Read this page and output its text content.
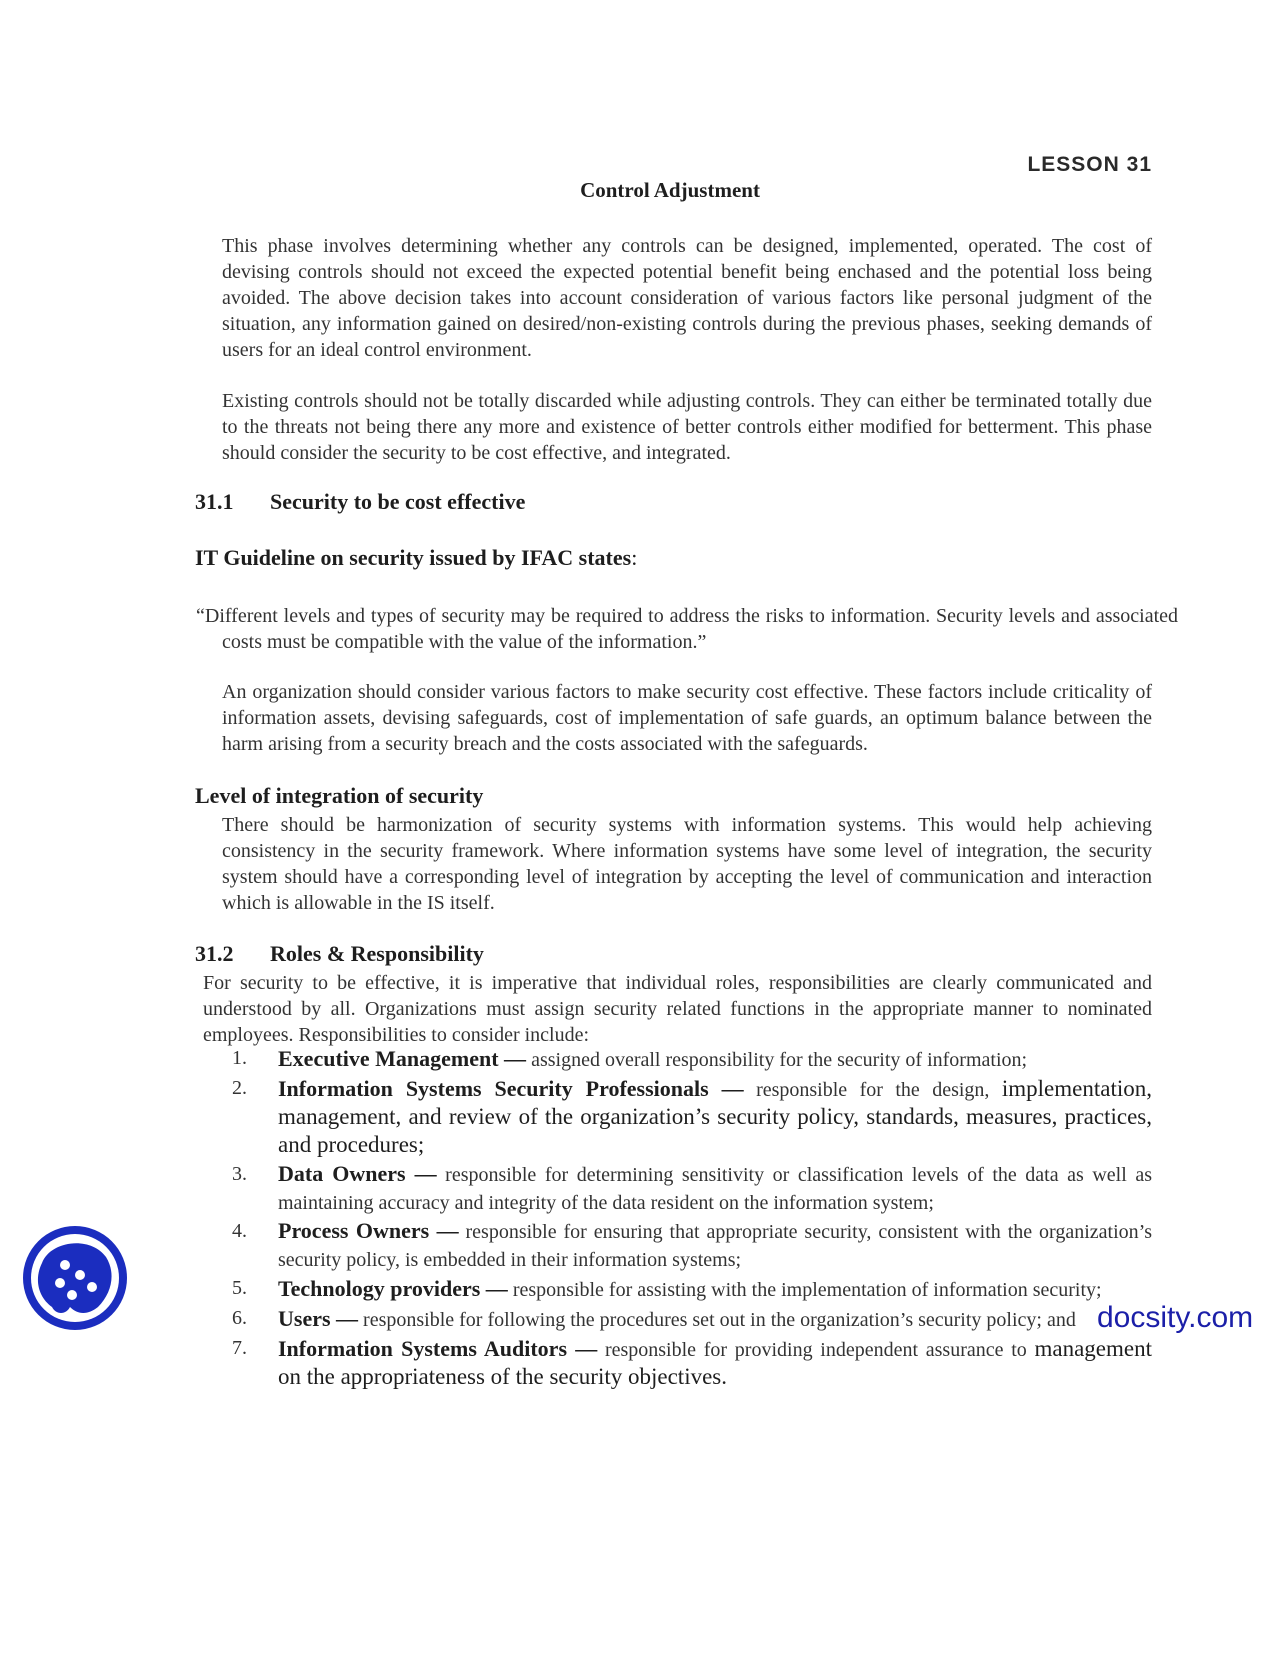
LESSON 31
Control Adjustment

This phase involves determining whether any controls can be designed, implemented, operated. The cost of devising controls should not exceed the expected potential benefit being enchased and the potential loss being avoided. The above decision takes into account consideration of various factors like personal judgment of the situation, any information gained on desired/non-existing controls during the previous phases, seeking demands of users for an ideal control environment.

Existing controls should not be totally discarded while adjusting controls. They can either be terminated totally due to the threats not being there any more and existence of better controls either modified for betterment. This phase should consider the security to be cost effective, and integrated.

31.1 Security to be cost effective
IT Guideline on security issued by IFAC states:

“Different levels and types of security may be required to address the risks to information. Security levels and associated costs must be compatible with the value of the information.”

An organization should consider various factors to make security cost effective. These factors include criticality of information assets, devising safeguards, cost of implementation of safe guards, an optimum balance between the harm arising from a security breach and the costs associated with the safeguards.

Level of integration of security

There should be harmonization of security systems with information systems. This would help achieving consistency in the security framework. Where information systems have some level of integration, the security system should have a corresponding level of integration by accepting the level of communication and interaction which is allowable in the IS itself.

31.2 Roles & Responsibility

For security to be effective, it is imperative that individual roles, responsibilities are clearly communicated and understood by all. Organizations must assign security related functions in the appropriate manner to nominated employees. Responsibilities to consider include:

1.	Executive Management — assigned overall responsibility for the security of information;
2.	Information Systems Security Professionals — responsible for the design, implementation, management, and review of the organization’s security policy, standards, measures, practices, and procedures;
3.	Data Owners — responsible for determining sensitivity or classification levels of the data as well as maintaining accuracy and integrity of the data resident on the information system;
4.	Process Owners — responsible for ensuring that appropriate security, consistent with the organization’s security policy, is embedded in their information systems;
5.	Technology providers — responsible for assisting with the implementation of information security;
6.	Users — responsible for following the procedures set out in the organization’s security policy; and
7.	Information Systems Auditors — responsible for providing independent assurance to management on the appropriateness of the security objectives.
docsity.com
